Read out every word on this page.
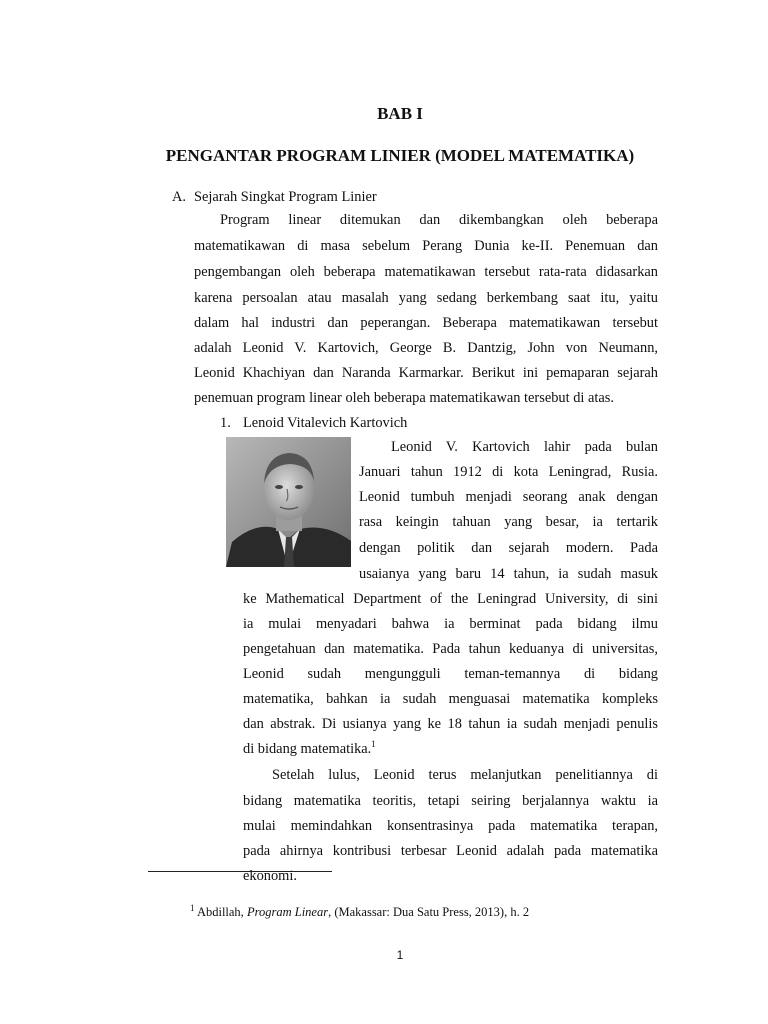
BAB I
PENGANTAR PROGRAM LINIER (MODEL MATEMATIKA)
A. Sejarah Singkat Program Linier
Program linear ditemukan dan dikembangkan oleh beberapa
matematikawan di masa sebelum Perang Dunia ke-II. Penemuan dan
pengembangan oleh beberapa matematikawan tersebut rata-rata didasarkan
karena persoalan atau masalah yang sedang berkembang saat itu, yaitu
dalam hal industri dan peperangan. Beberapa matematikawan tersebut
adalah Leonid V. Kartovich, George B. Dantzig, John von Neumann,
Leonid Khachiyan dan Naranda Karmarkar. Berikut ini pemaparan sejarah
penemuan program linear oleh beberapa matematikawan tersebut di atas.
1. Lenoid Vitalevich Kartovich
Leonid V. Kartovich lahir pada bulan
Januari tahun 1912 di kota Leningrad, Rusia.
Leonid tumbuh menjadi seorang anak dengan
rasa keingin tahuan yang besar, ia tertarik
dengan politik dan sejarah modern. Pada
usaianya yang baru 14 tahun, ia sudah masuk
ke Mathematical Department of the Leningrad University, di sini
ia mulai menyadari bahwa ia berminat pada bidang ilmu
pengetahuan dan matematika. Pada tahun keduanya di universitas,
Leonid sudah mengungguli teman-temannya di bidang
matematika, bahkan ia sudah menguasai matematika kompleks
dan abstrak. Di usianya yang ke 18 tahun ia sudah menjadi penulis
di bidang matematika.$^1$
Setelah lulus, Leonid terus melanjutkan penelitiannya di
bidang matematika teoritis, tetapi seiring berjalannya waktu ia
mulai memindahkan konsentrasinya pada matematika terapan,
pada ahirnya kontribusi terbesar Leonid adalah pada matematika
ekonomi.
$^1$ Abdillah, Program Linear, (Makassar: Dua Satu Press, 2013), h. 2
1
